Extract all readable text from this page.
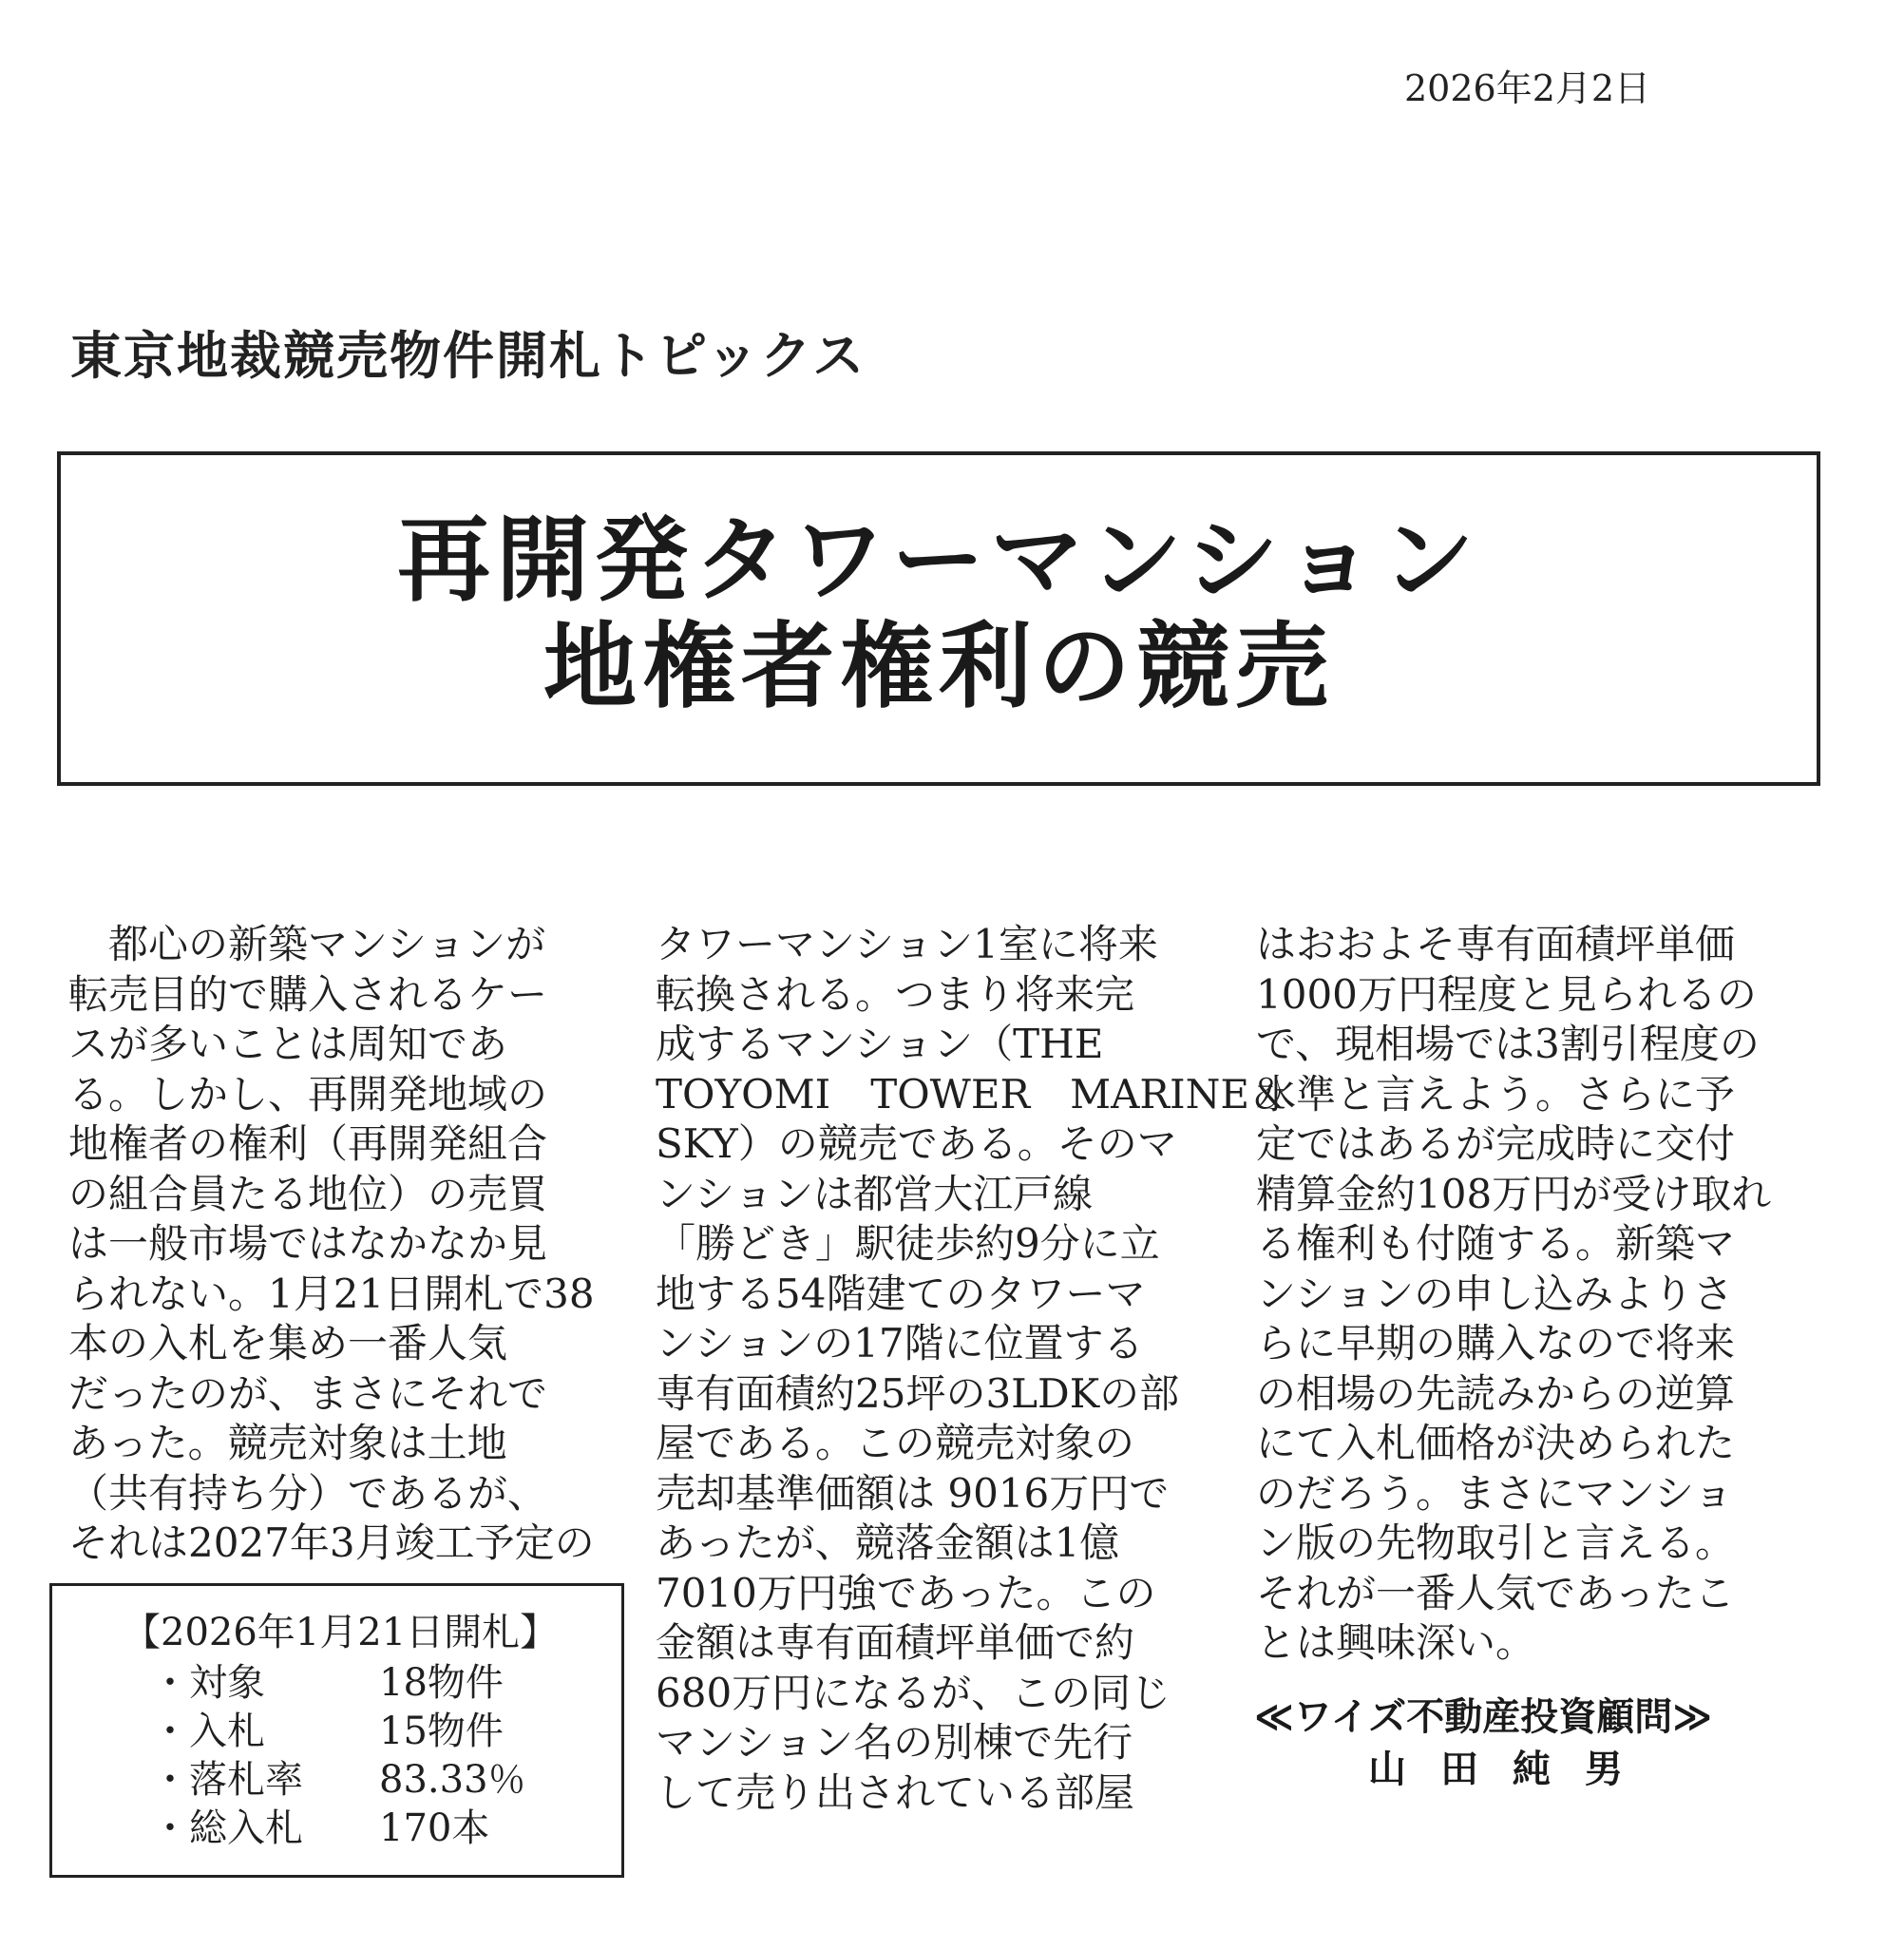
2026年2月2日
東京地裁競売物件開札トピックス
再開発タワーマンション
地権者権利の競売
　都心の新築マンションが
転売目的で購入されるケー
スが多いことは周知であ
る。しかし、再開発地域の
地権者の権利（再開発組合
の組合員たる地位）の売買
は一般市場ではなかなか見
られない。1月21日開札で38
本の入札を集め一番人気
だったのが、まさにそれで
あった。競売対象は土地
（共有持ち分）であるが、
それは2027年3月竣工予定の
【2026年1月21日開札】
・対象	18物件
・入札	15物件
・落札率 83.33％
・総入札 170本
タワーマンション1室に将来
転換される。つまり将来完
成するマンション（THE
TOYOMI　TOWER　MARINE＆
SKY）の競売である。そのマ
ンションは都営大江戸線
「勝どき」駅徒歩約9分に立
地する54階建てのタワーマ
ンションの17階に位置する
専有面積約25坪の3LDKの部
屋である。この競売対象の
売却基準価額は 9016万円で
あったが、競落金額は1億
7010万円強であった。この
金額は専有面積坪単価で約
680万円になるが、この同じ
マンション名の別棟で先行
して売り出されている部屋
はおおよそ専有面積坪単価
1000万円程度と見られるの
で、現相場では3割引程度の
水準と言えよう。さらに予
定ではあるが完成時に交付
精算金約108万円が受け取れ
る権利も付随する。新築マ
ンションの申し込みよりさ
らに早期の購入なので将来
の相場の先読みからの逆算
にて入札価格が決められた
のだろう。まさにマンショ
ン版の先物取引と言える。
それが一番人気であったこ
とは興味深い。
≪ワイズ不動産投資顧問≫
山田純男
